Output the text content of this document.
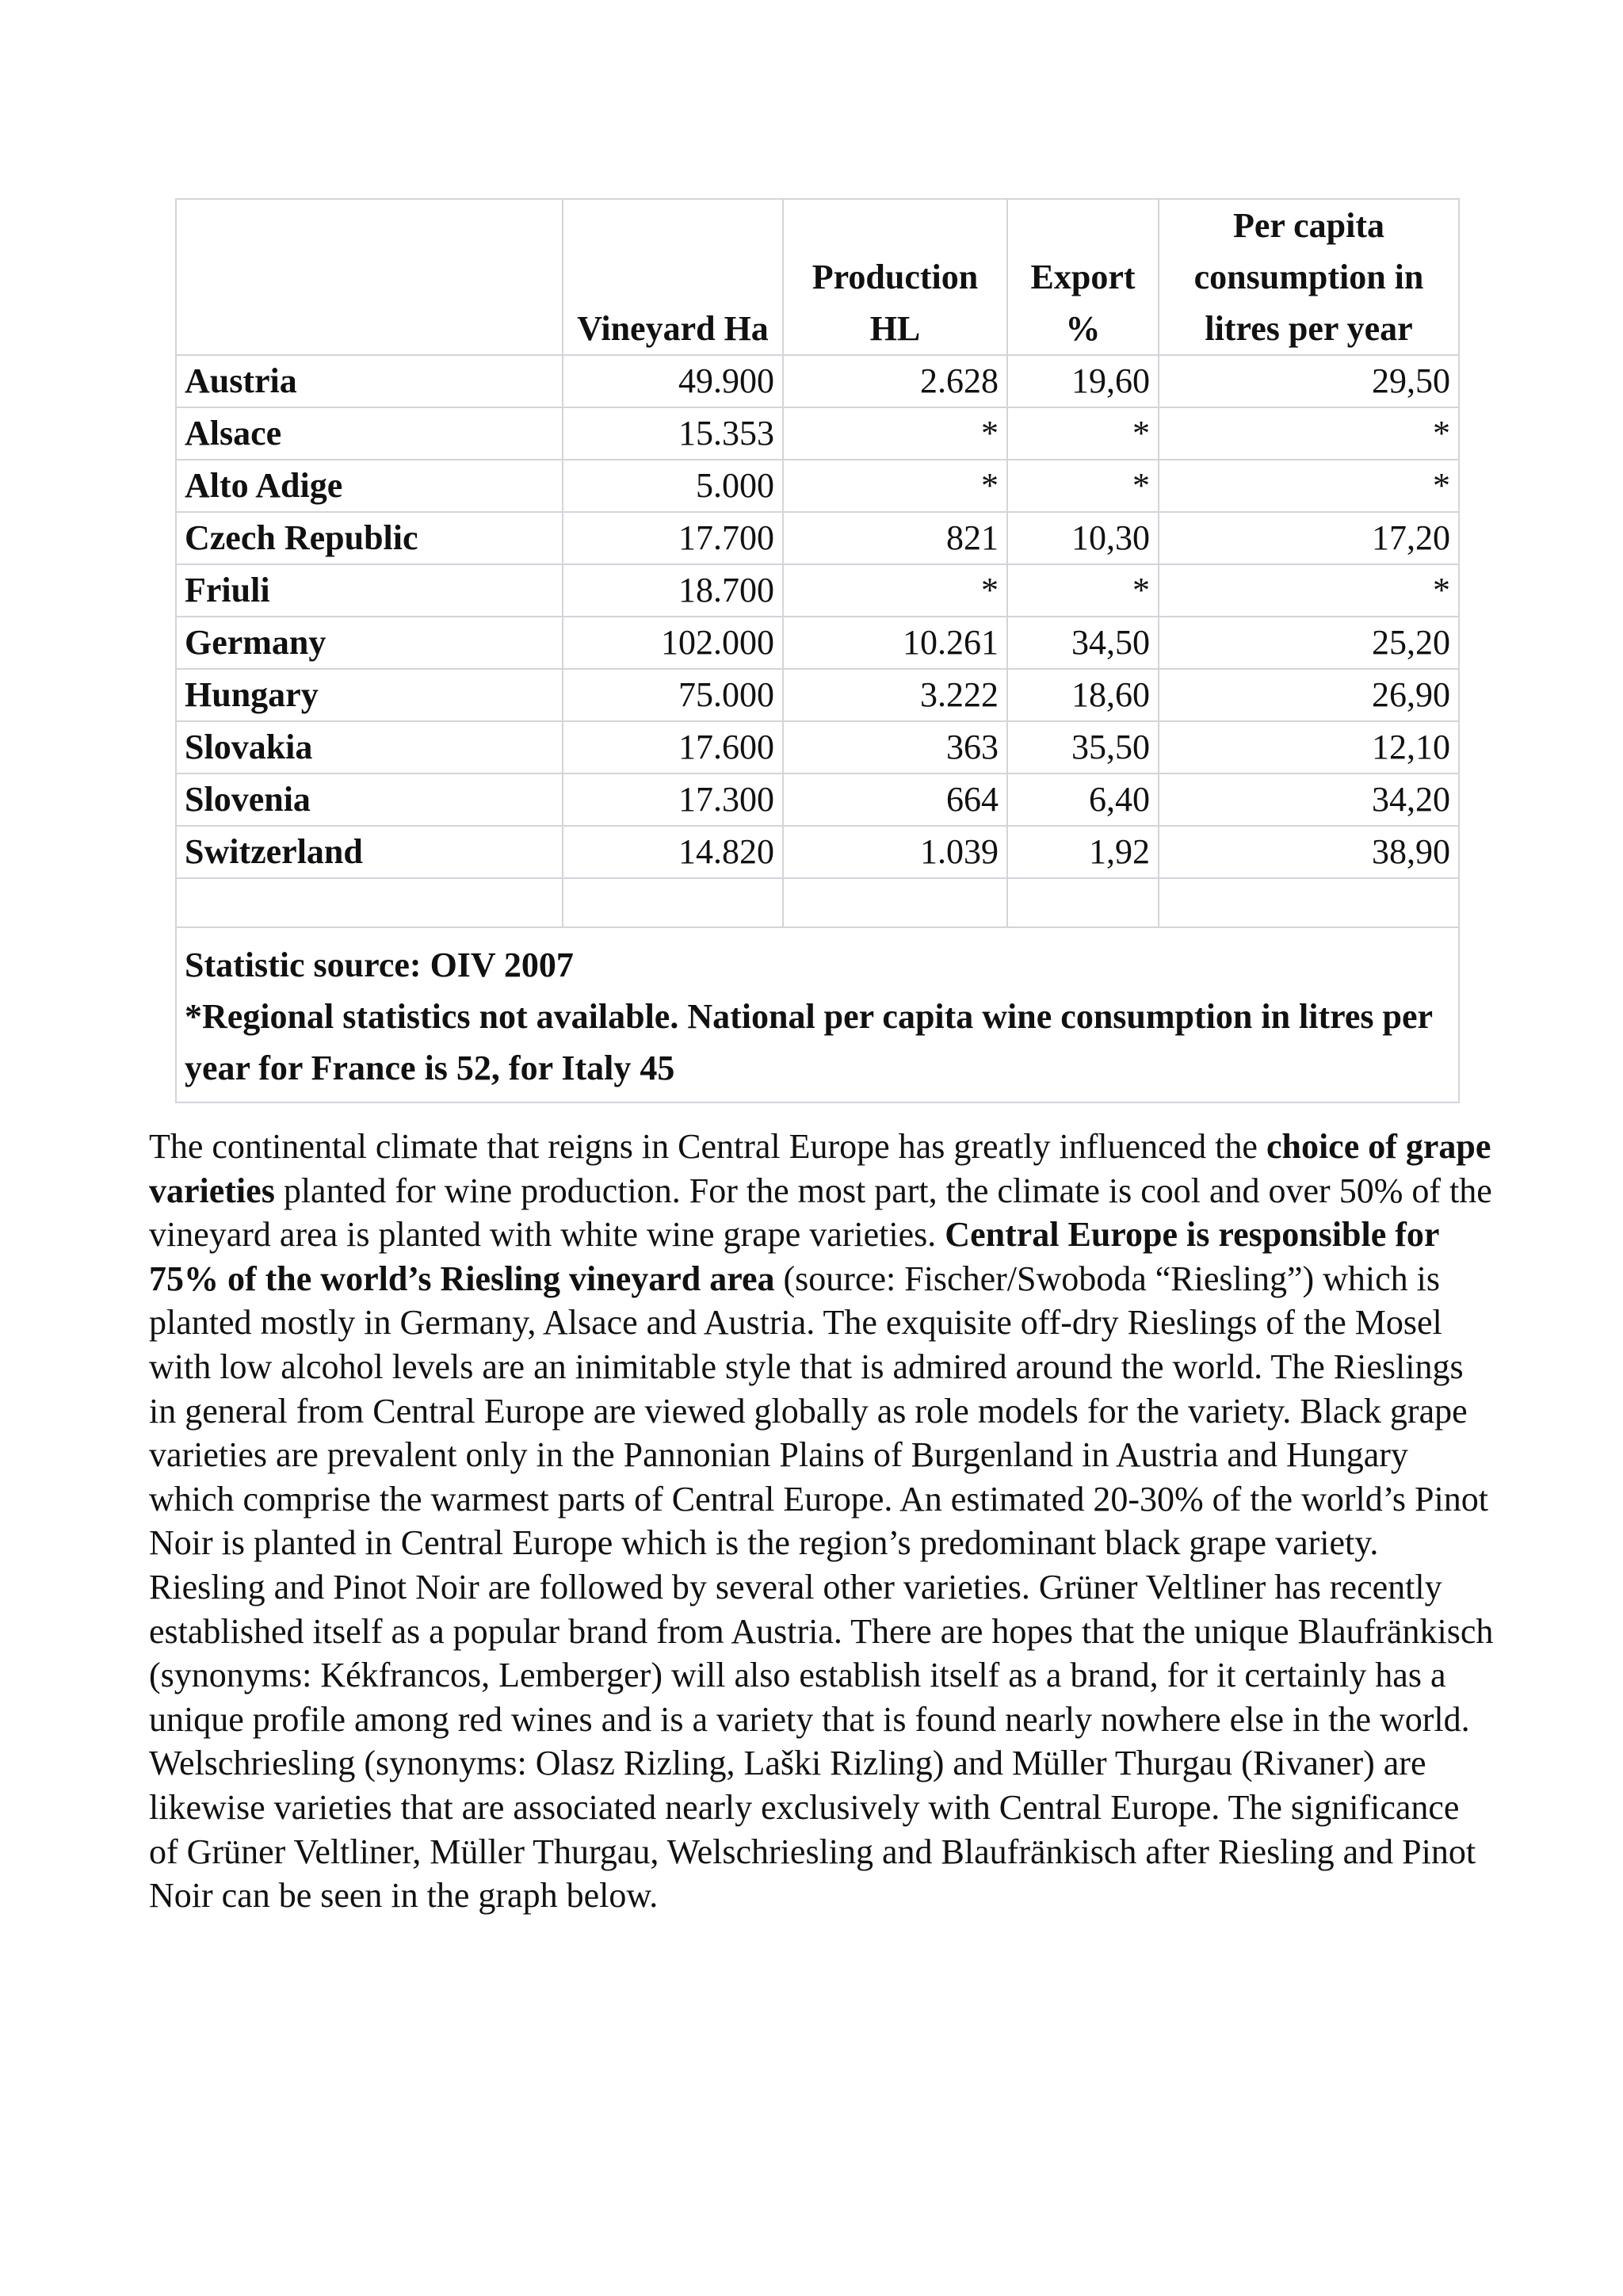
	Vineyard Ha	Production HL	Export %	Per capita consumption in litres per year
Austria	49.900	2.628	19,60	29,50
Alsace	15.353	*	*	*
Alto Adige	5.000	*	*	*
Czech Republic	17.700	821	10,30	17,20
Friuli	18.700	*	*	*
Germany	102.000	10.261	34,50	25,20
Hungary	75.000	3.222	18,60	26,90
Slovakia	17.600	363	35,50	12,10
Slovenia	17.300	664	6,40	34,20
Switzerland	14.820	1.039	1,92	38,90

Statistic source: OIV 2007
*Regional statistics not available. National per capita wine consumption in litres per year for France is 52, for Italy 45				

The continental climate that reigns in Central Europe has greatly influenced the choice of grape varieties planted for wine production. For the most part, the climate is cool and over 50% of the vineyard area is planted with white wine grape varieties. Central Europe is responsible for 75% of the world’s Riesling vineyard area (source: Fischer/Swoboda “Riesling”) which is planted mostly in Germany, Alsace and Austria. The exquisite off-dry Rieslings of the Mosel with low alcohol levels are an inimitable style that is admired around the world. The Rieslings in general from Central Europe are viewed globally as role models for the variety. Black grape varieties are prevalent only in the Pannonian Plains of Burgenland in Austria and Hungary which comprise the warmest parts of Central Europe. An estimated 20-30% of the world’s Pinot Noir is planted in Central Europe which is the region’s predominant black grape variety. Riesling and Pinot Noir are followed by several other varieties. Grüner Veltliner has recently established itself as a popular brand from Austria. There are hopes that the unique Blaufränkisch (synonyms: Kékfrancos, Lemberger) will also establish itself as a brand, for it certainly has a unique profile among red wines and is a variety that is found nearly nowhere else in the world. Welschriesling (synonyms: Olasz Rizling, Laški Rizling) and Müller Thurgau (Rivaner) are likewise varieties that are associated nearly exclusively with Central Europe. The significance of Grüner Veltliner, Müller Thurgau, Welschriesling and Blaufränkisch after Riesling and Pinot Noir can be seen in the graph below.
